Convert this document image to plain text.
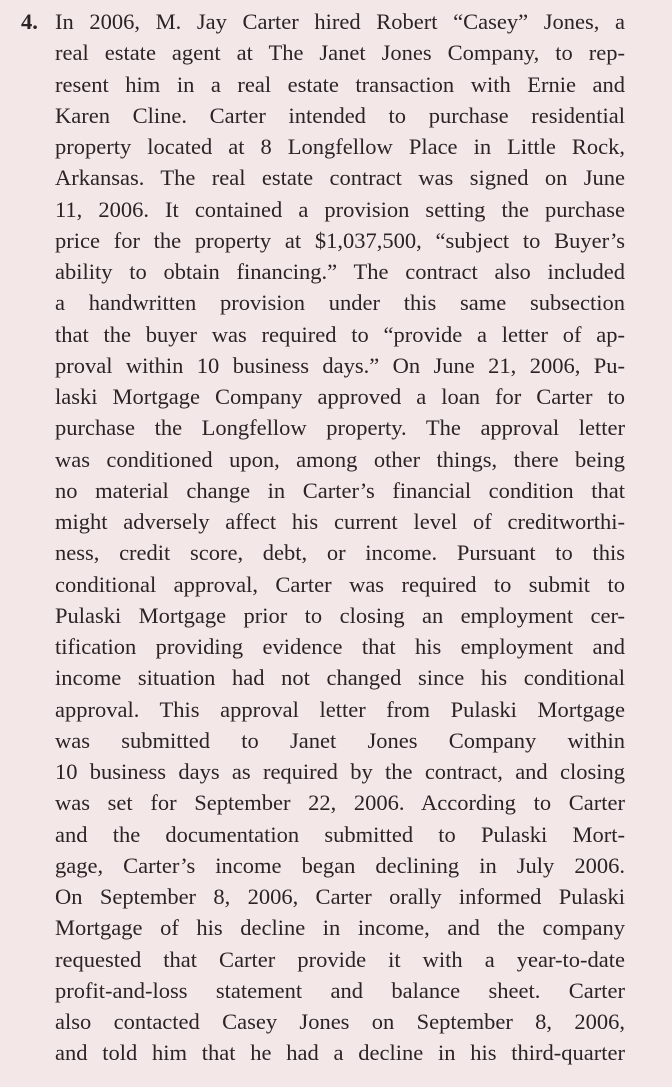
4. In 2006, M. Jay Carter hired Robert “Casey” Jones, a
real estate agent at The Janet Jones Company, to rep-
resent him in a real estate transaction with Ernie and
Karen Cline. Carter intended to purchase residential
property located at 8 Longfellow Place in Little Rock,
Arkansas. The real estate contract was signed on June
11, 2006. It contained a provision setting the purchase
price for the property at $1,037,500, “subject to Buyer’s
ability to obtain financing.” The contract also included
a handwritten provision under this same subsection
that the buyer was required to “provide a letter of ap-
proval within 10 business days.” On June 21, 2006, Pu-
laski Mortgage Company approved a loan for Carter to
purchase the Longfellow property. The approval letter
was conditioned upon, among other things, there being
no material change in Carter’s financial condition that
might adversely affect his current level of creditworthi-
ness, credit score, debt, or income. Pursuant to this
conditional approval, Carter was required to submit to
Pulaski Mortgage prior to closing an employment cer-
tification providing evidence that his employment and
income situation had not changed since his conditional
approval. This approval letter from Pulaski Mortgage
was submitted to Janet Jones Company within
10 business days as required by the contract, and closing
was set for September 22, 2006. According to Carter
and the documentation submitted to Pulaski Mort-
gage, Carter’s income began declining in July 2006.
On September 8, 2006, Carter orally informed Pulaski
Mortgage of his decline in income, and the company
requested that Carter provide it with a year-to-date
profit-and-loss statement and balance sheet. Carter
also contacted Casey Jones on September 8, 2006,
and told him that he had a decline in his third-quarter
